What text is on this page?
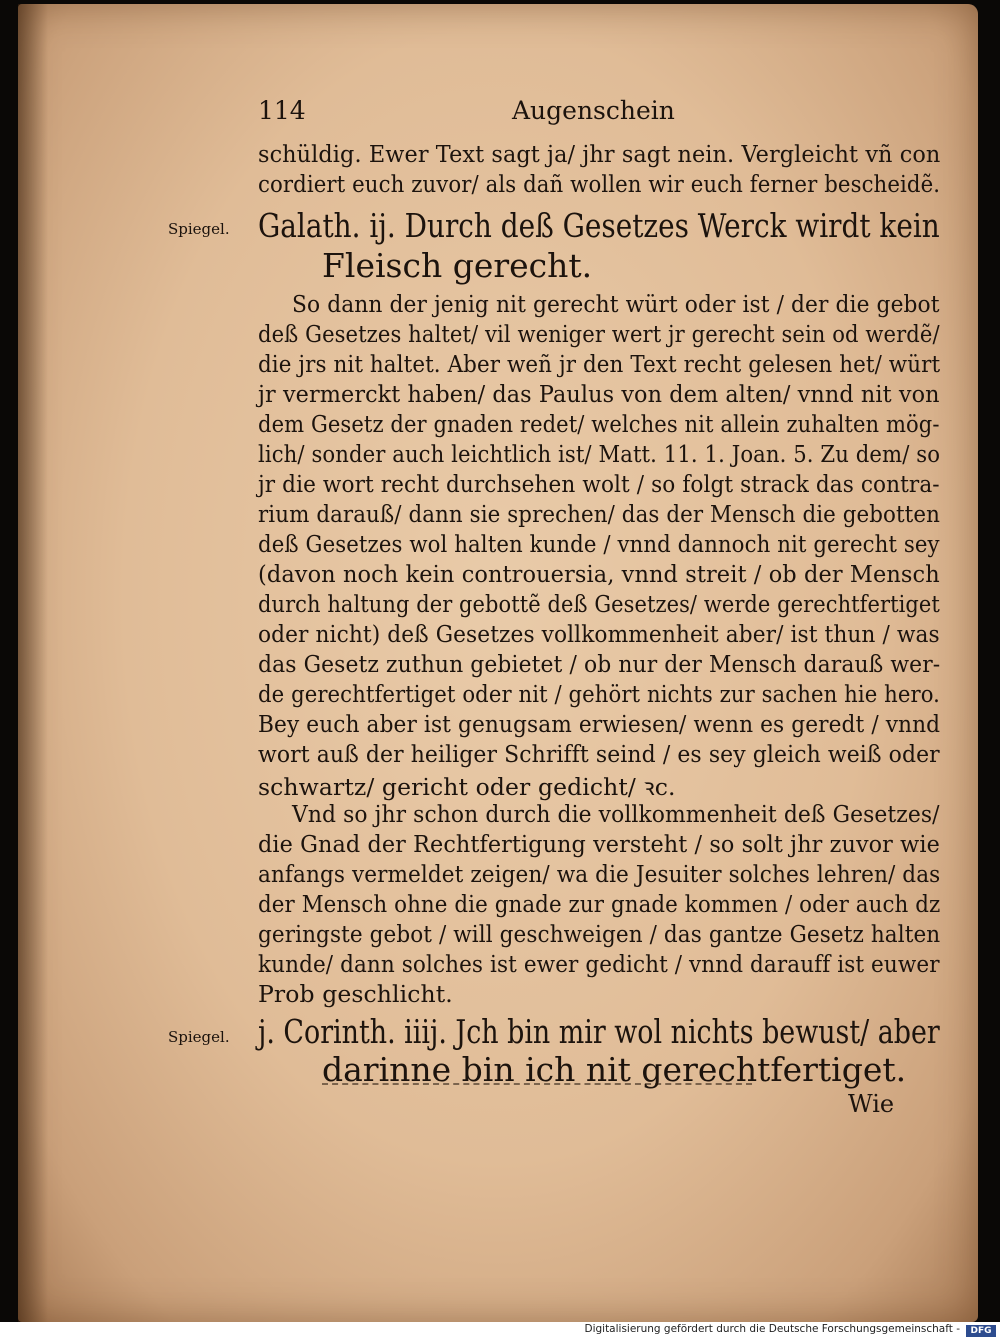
114	Augenschein
schüldig. Ewer Text sagt ja/ jhr sagt nein. Vergleicht vñ con
cordiert euch zuvor/ als dañ wollen wir euch ferner bescheidẽ.
Spiegel. Galath. ij. Durch deß Gesetzes Werck wirdt kein
Fleisch gerecht.
So dann der jenig nit gerecht würt oder ist / der die gebot
deß Gesetzes haltet/ vil weniger wert jr gerecht sein od werdẽ/
die jrs nit haltet. Aber weñ jr den Text recht gelesen het/ würt
jr vermerckt haben/ das Paulus von dem alten/ vnnd nit von
dem Gesetz der gnaden redet/ welches nit allein zuhalten mög-
lich/ sonder auch leichtlich ist/ Matt. 11. 1. Joan. 5. Zu dem/ so
jr die wort recht durchsehen wolt / so folgt strack das contra-
rium darauß/ dann sie sprechen/ das der Mensch die gebotten
deß Gesetzes wol halten kunde / vnnd dannoch nit gerecht sey
(davon noch kein controuersia, vnnd streit / ob der Mensch
durch haltung der gebottẽ deß Gesetzes/ werde gerechtfertiget
oder nicht) deß Gesetzes vollkommenheit aber/ ist thun / was
das Gesetz zuthun gebietet / ob nur der Mensch darauß wer-
de gerechtfertiget oder nit / gehört nichts zur sachen hie hero.
Bey euch aber ist genugsam erwiesen/ wenn es geredt / vnnd
wort auß der heiliger Schrifft seind / es sey gleich weiß oder
schwartz/ gericht oder gedicht/ ꝛc.
Vnd so jhr schon durch die vollkommenheit deß Gesetzes/
die Gnad der Rechtfertigung versteht / so solt jhr zuvor wie
anfangs vermeldet zeigen/ wa die Jesuiter solches lehren/ das
der Mensch ohne die gnade zur gnade kommen / oder auch dz
geringste gebot / will geschweigen / das gantze Gesetz halten
kunde/ dann solches ist ewer gedicht / vnnd darauff ist euwer
Prob geschlicht.
Spiegel. j. Corinth. iiij. Jch bin mir wol nichts bewust/ aber
darinne bin ich nit gerechtfertiget.
Wie
Digitalisierung gefördert durch die Deutsche Forschungsgemeinschaft -	DFG
